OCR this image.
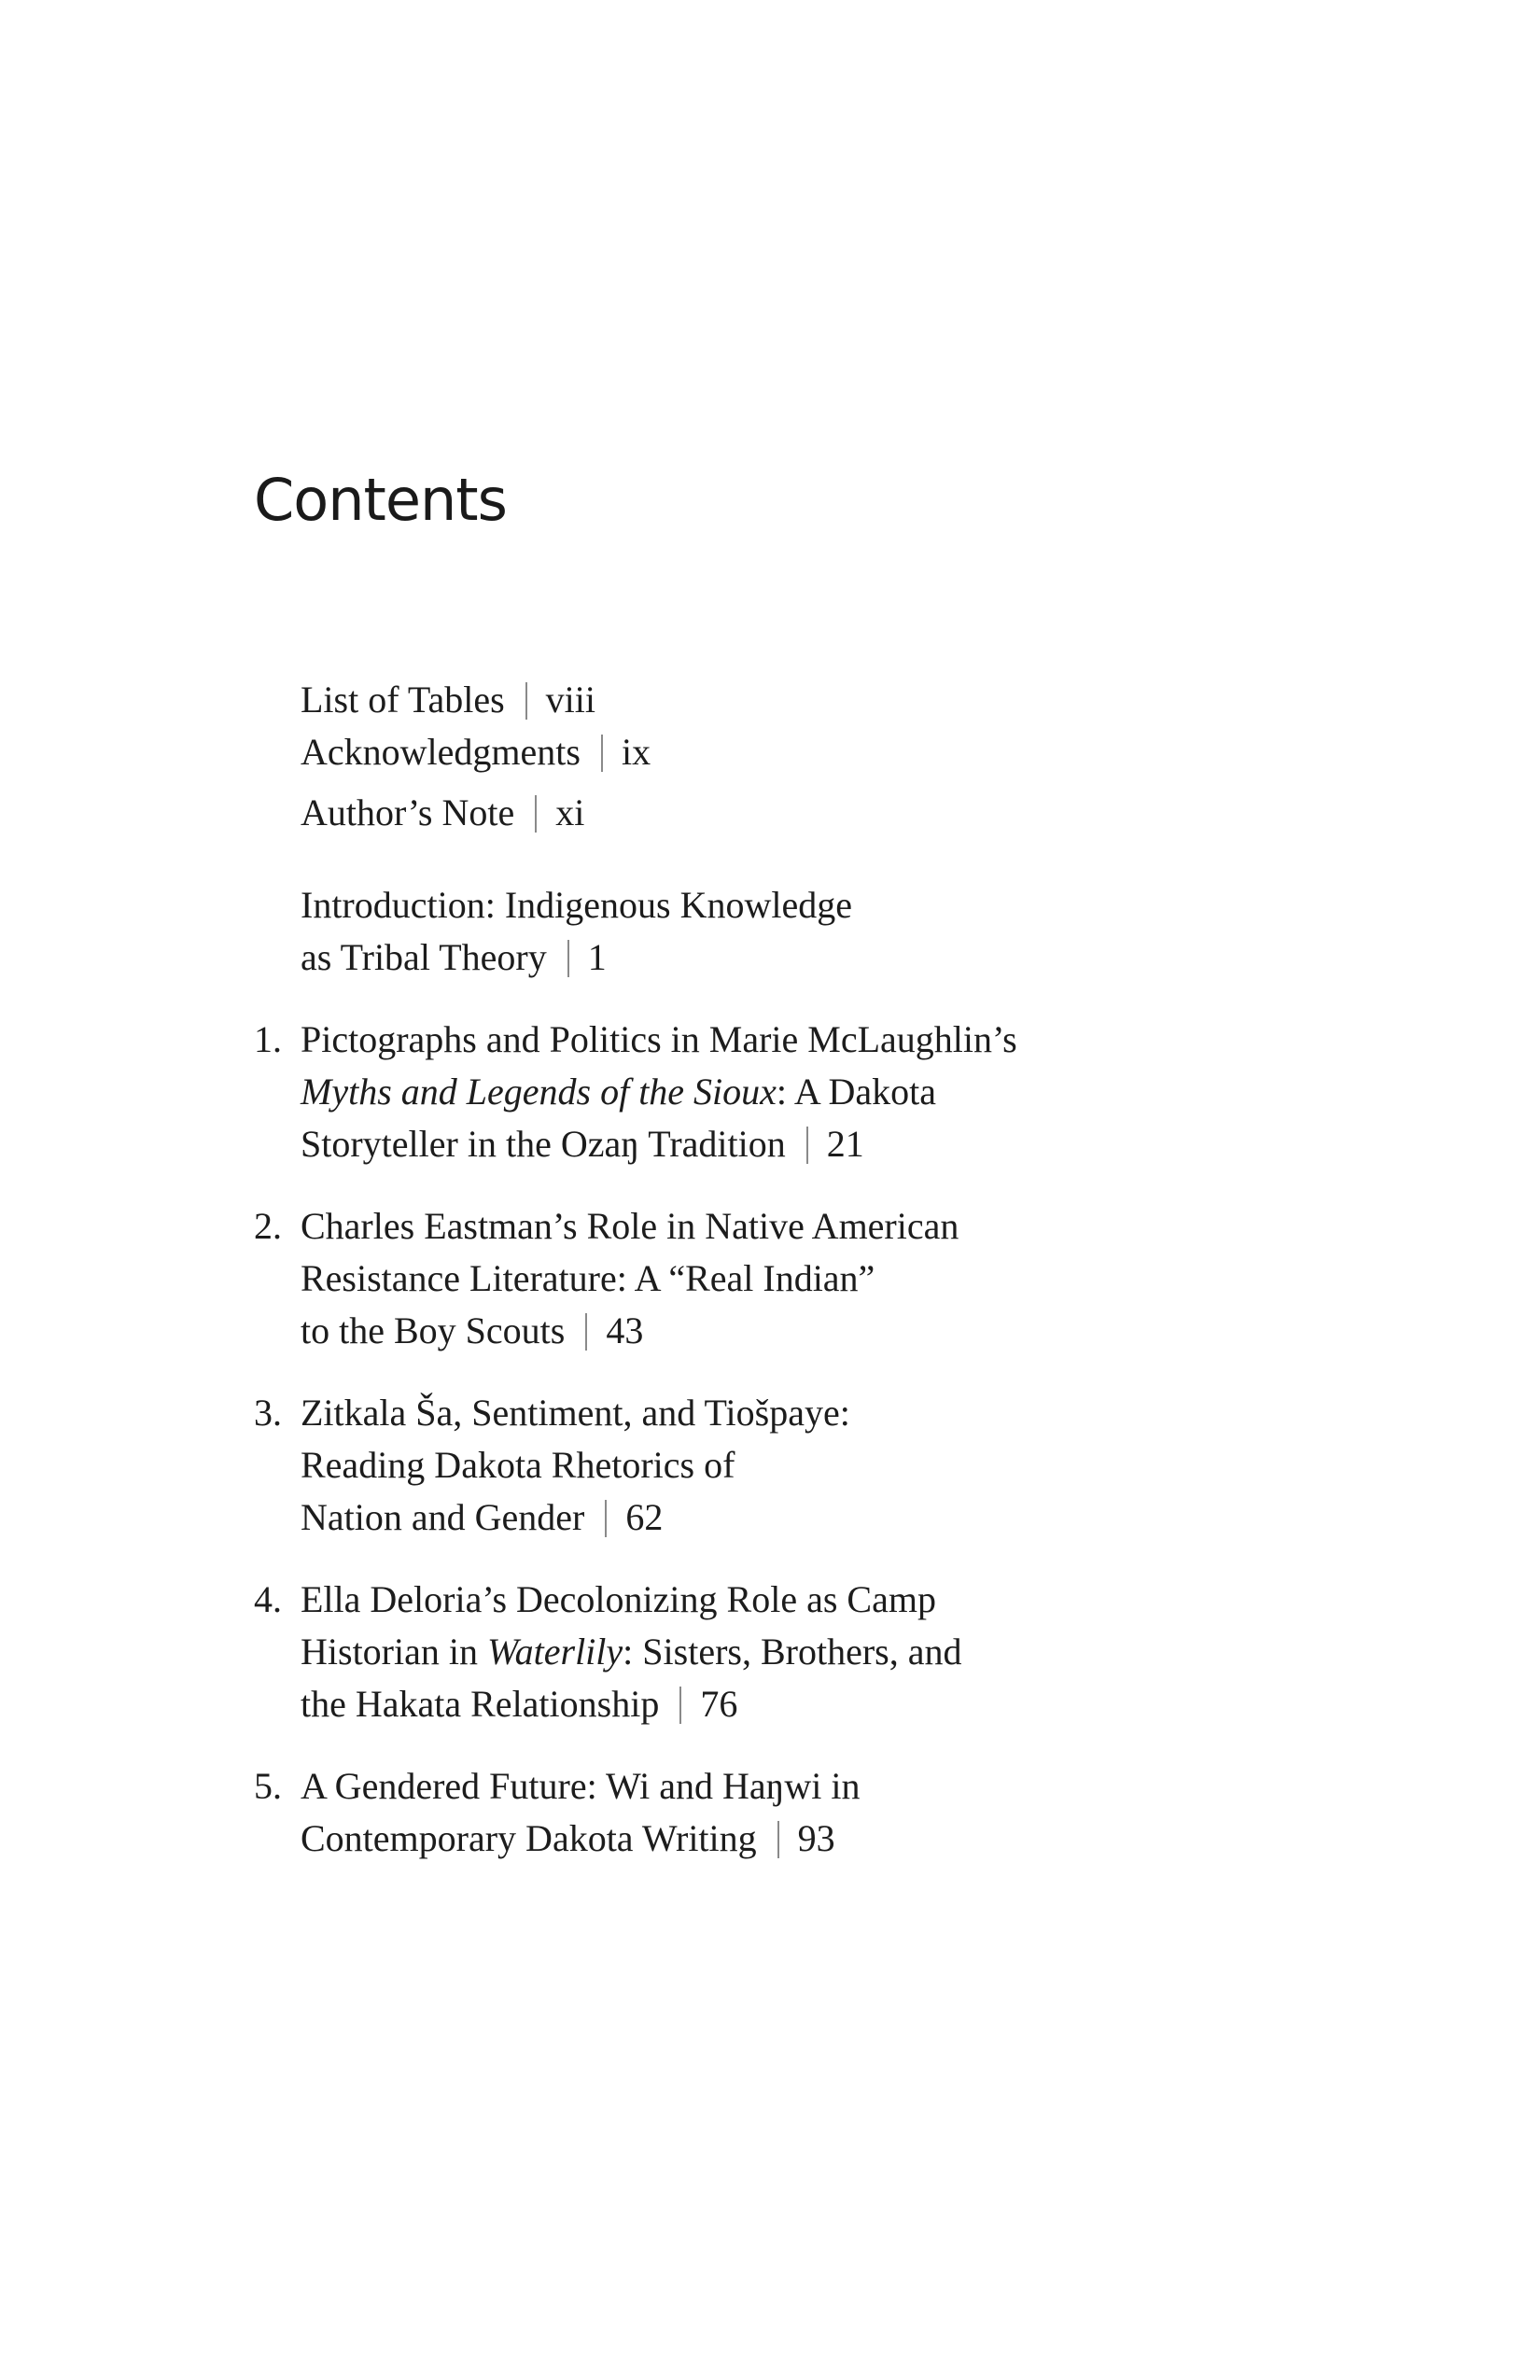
Contents
List of Tables viii
Acknowledgments ix
Author’s Note xi
Introduction: Indigenous Knowledge
as Tribal Theory 1
1. Pictographs and Politics in Marie McLaughlin’s
Myths and Legends of the Sioux: A Dakota
Storyteller in the Ozaŋ Tradition 21
2. Charles Eastman’s Role in Native American
Resistance Literature: A “Real Indian”
to the Boy Scouts 43
3. Zitkala Ša, Sentiment, and Tiošpaye:
Reading Dakota Rhetorics of
Nation and Gender 62
4. Ella Deloria’s Decolonizing Role as Camp
Historian in Waterlily: Sisters, Brothers, and
the Hakata Relationship 76
5. A Gendered Future: Wi and Haŋwi in
Contemporary Dakota Writing 93
